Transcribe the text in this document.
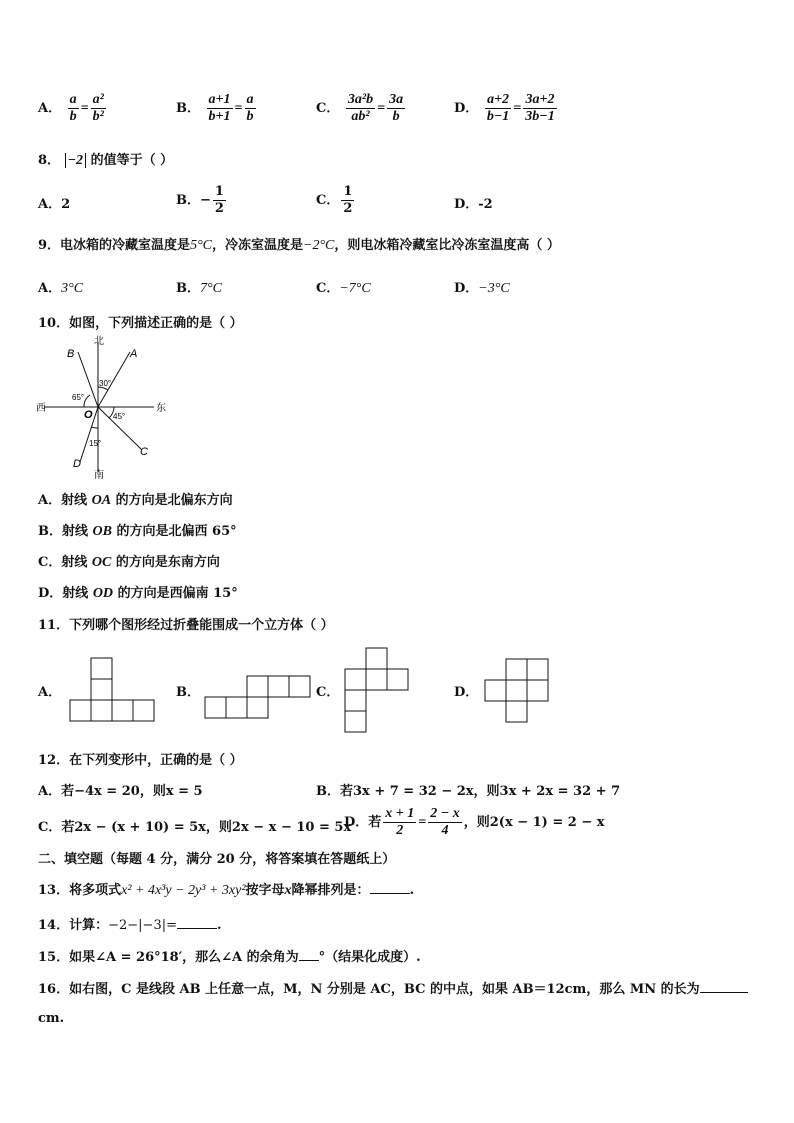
A． $\frac{a}{b} = \frac{\text{a²}}{\text{b²}}$	B． $\frac{a+1}{b+1} = \frac{a}{b}$	C． $\frac{\text{3a²b}}{\text{ab²}} = \frac{3a}{b}$	D． $\frac{a+2}{b-1} = \frac{3a+2}{3b-1}$
8． −2 的值等于（ ）
A．2	B．− $\frac{1}{2}$	C． $\frac{1}{2}$	D．-2
9．电冰箱的冷藏室温度是5°C，冷冻室温度是−2°C，则电冰箱冷藏室比冷冻室温度高（ ）
A．3°C	B．7°C	C．−7°C	D．−3°C
10．如图，下列描述正确的是（ ）
北
南
西	东
O
A
B
C
D
30°
65°
45°
15°
A．射线 OA 的方向是北偏东方向
B．射线 OB 的方向是北偏西 65°
C．射线 OC 的方向是东南方向
D．射线 OD 的方向是西偏南 15°
11．下列哪个图形经过折叠能围成一个立方体（ ）
A．	B．	C．	D．
12．在下列变形中，正确的是（ ）
A．若−4x = 20，则x = 5	B．若3x + 7 = 32 − 2x，则3x + 2x = 32 + 7
C．若2x − (x + 10) = 5x，则2x − x − 10 = 5x
D．若 $\frac{x + 1}{2} = \frac{2 - x}{4}$ ，则2(x − 1) = 2 − x
二、填空题（每题 4 分，满分 20 分，将答案填在答题纸上）
13．将多项式x² + 4x³y − 2y³ + 3xy²按字母x降幂排列是：	.
14．计算：−2−|−3|=	.
15．如果∠A = 26°18′，那么∠A 的余角为 °（结果化成度）.
16．如右图，C 是线段 AB 上任意一点，M，N 分别是 AC，BC 的中点，如果 AB＝12cm，那么 MN 的长为
cm.
